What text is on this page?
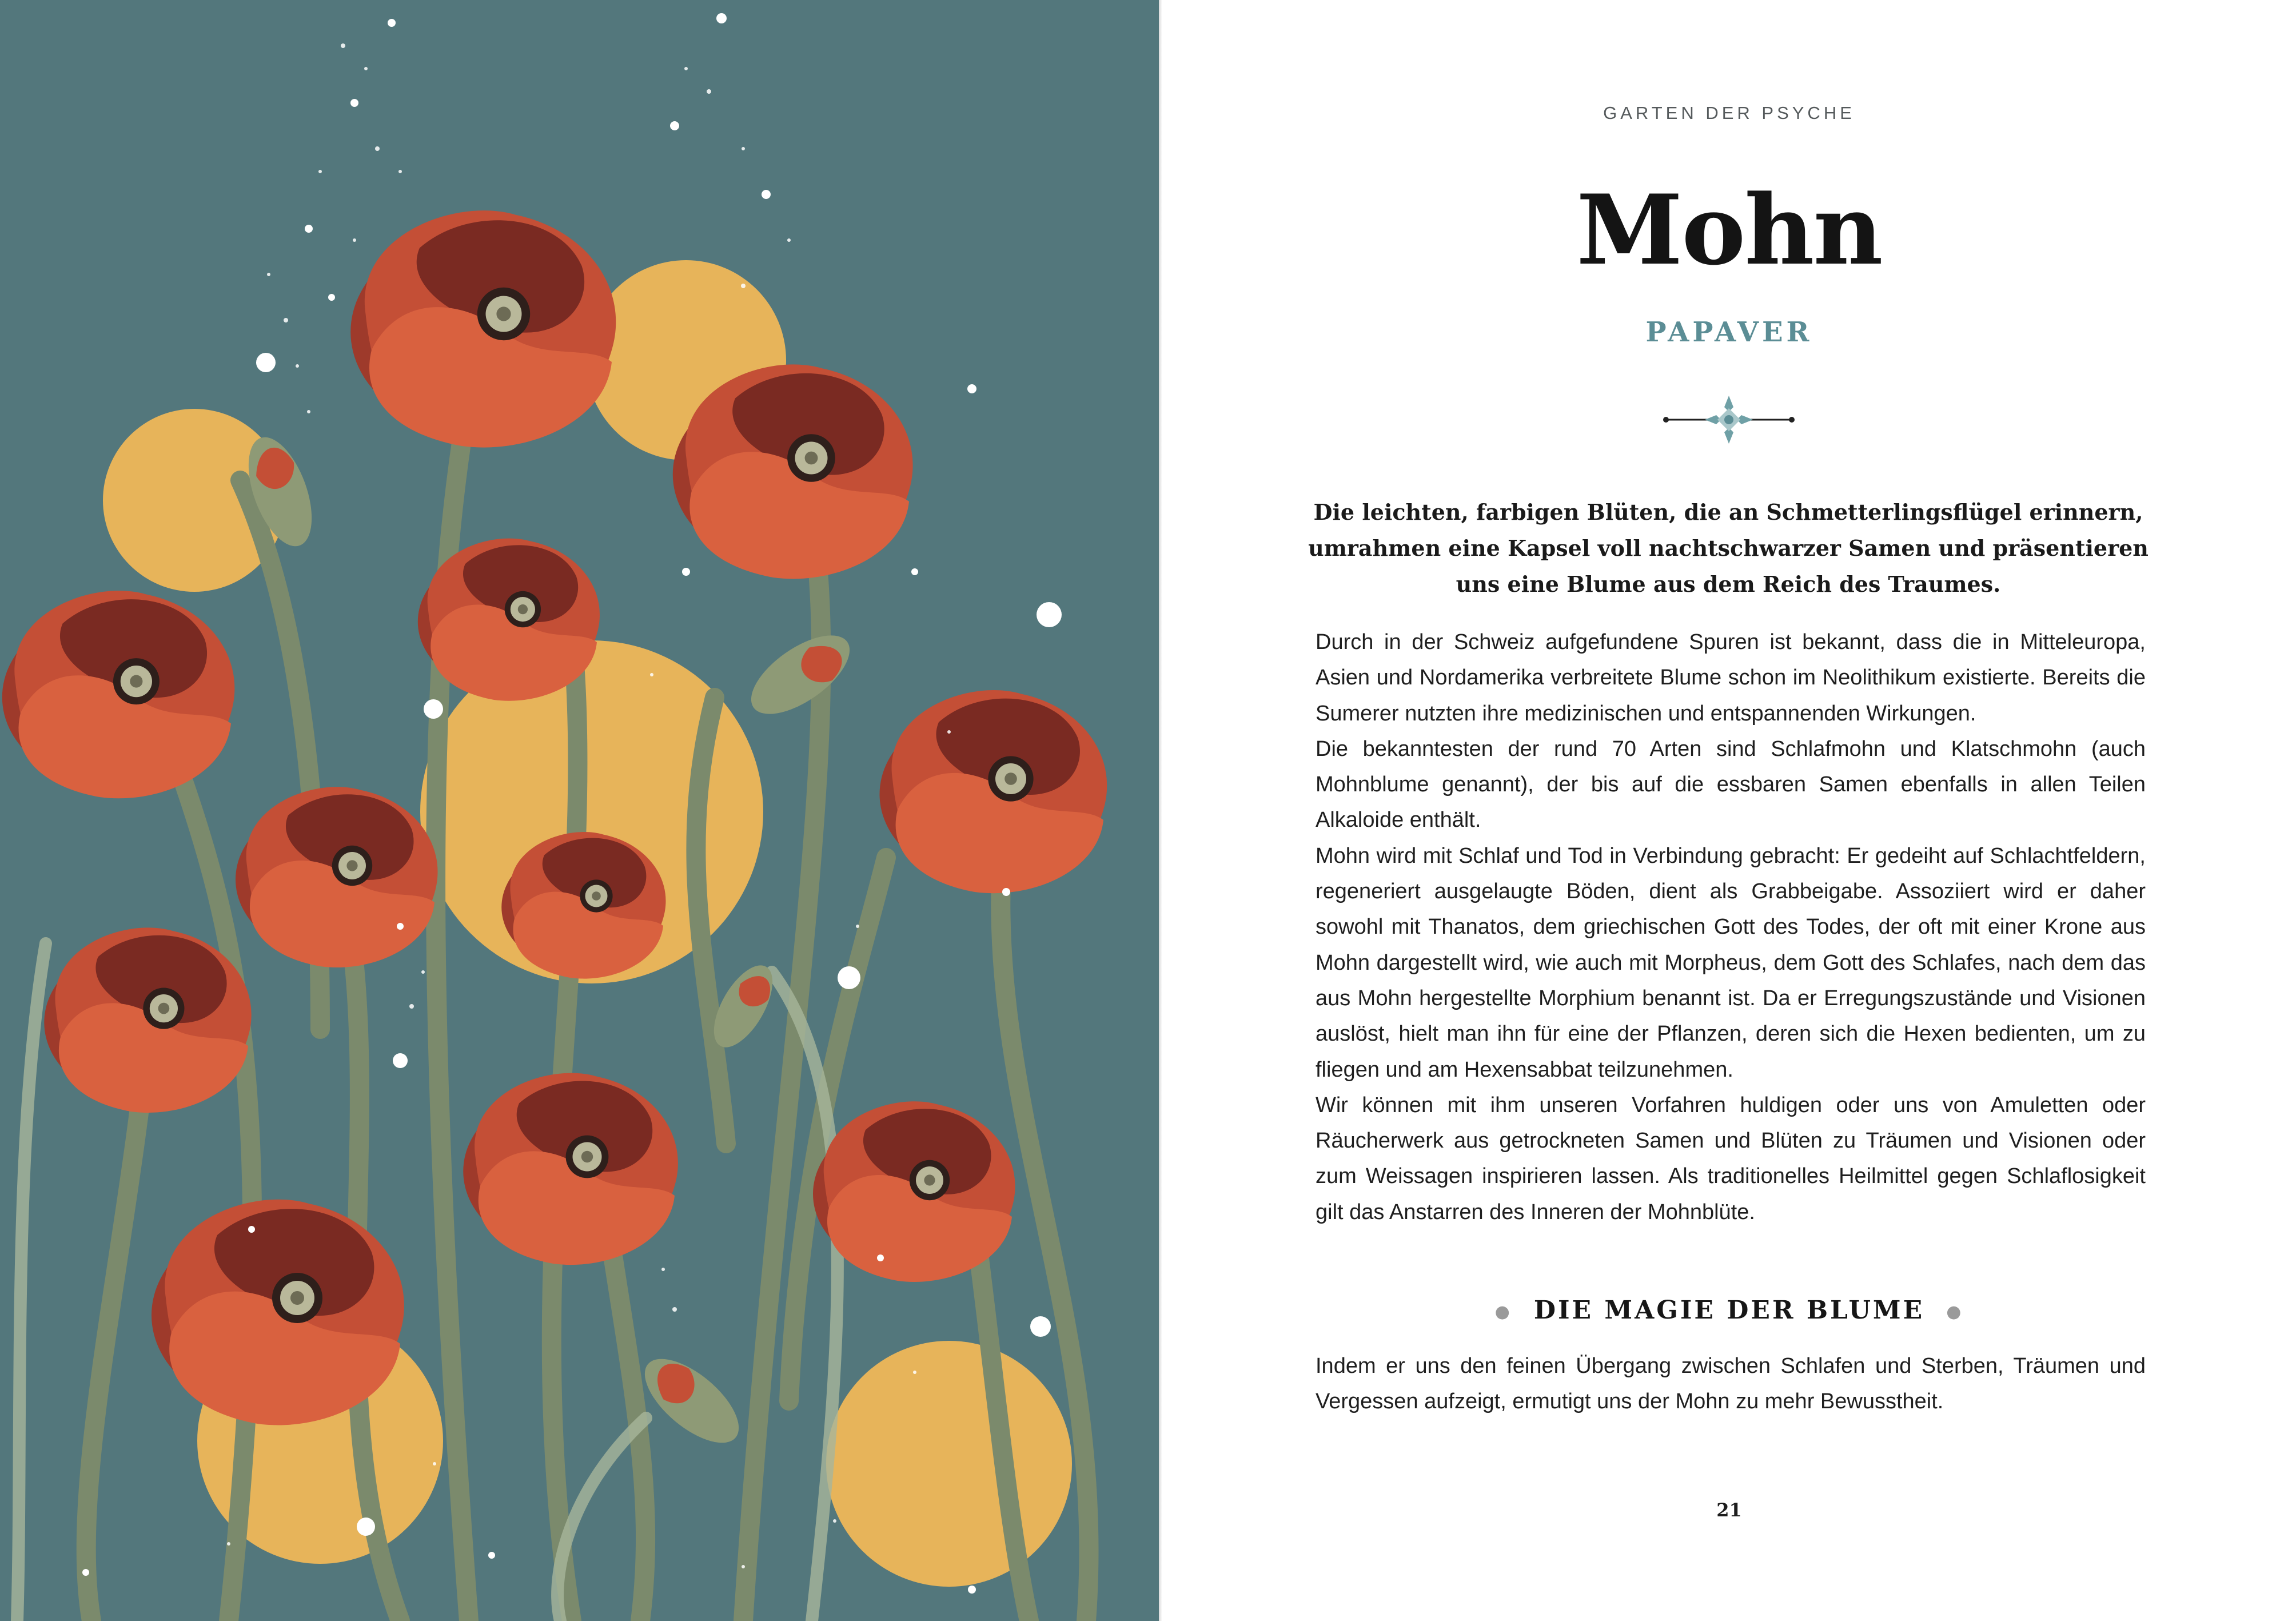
GARTEN DER PSYCHE
Mohn
PAPAVER
Die leichten, farbigen Blüten, die an Schmetterlingsflügel erinnern, umrahmen eine Kapsel voll nachtschwarzer Samen und präsentieren uns eine Blume aus dem Reich des Traumes.

Durch in der Schweiz aufgefundene Spuren ist bekannt, dass die in Mitteleuropa, Asien und Nordamerika verbreitete Blume schon im Neolithikum existierte. Bereits die Sumerer nutzten ihre medizinischen und entspannenden Wirkungen.

Die bekanntesten der rund 70 Arten sind Schlafmohn und Klatschmohn (auch Mohnblume genannt), der bis auf die essbaren Samen ebenfalls in allen Teilen Alkaloide enthält.

Mohn wird mit Schlaf und Tod in Verbindung gebracht: Er gedeiht auf Schlachtfeldern, regeneriert ausgelaugte Böden, dient als Grabbeigabe. Assoziiert wird er daher sowohl mit Thanatos, dem griechischen Gott des Todes, der oft mit einer Krone aus Mohn dargestellt wird, wie auch mit Morpheus, dem Gott des Schlafes, nach dem das aus Mohn hergestellte Morphium benannt ist. Da er Erregungszustände und Visionen auslöst, hielt man ihn für eine der Pflanzen, deren sich die Hexen bedienten, um zu fliegen und am Hexensabbat teilzunehmen.

Wir können mit ihm unseren Vorfahren huldigen oder uns von Amuletten oder Räucherwerk aus getrockneten Samen und Blüten zu Träumen und Visionen oder zum Weissagen inspirieren lassen. Als traditionelles Heilmittel gegen Schlaflosigkeit gilt das Anstarren des Inneren der Mohnblüte.

● DIE MAGIE DER BLUME ●

Indem er uns den feinen Übergang zwischen Schlafen und Sterben, Träumen und Vergessen aufzeigt, ermutigt uns der Mohn zu mehr Bewusstheit.

21
